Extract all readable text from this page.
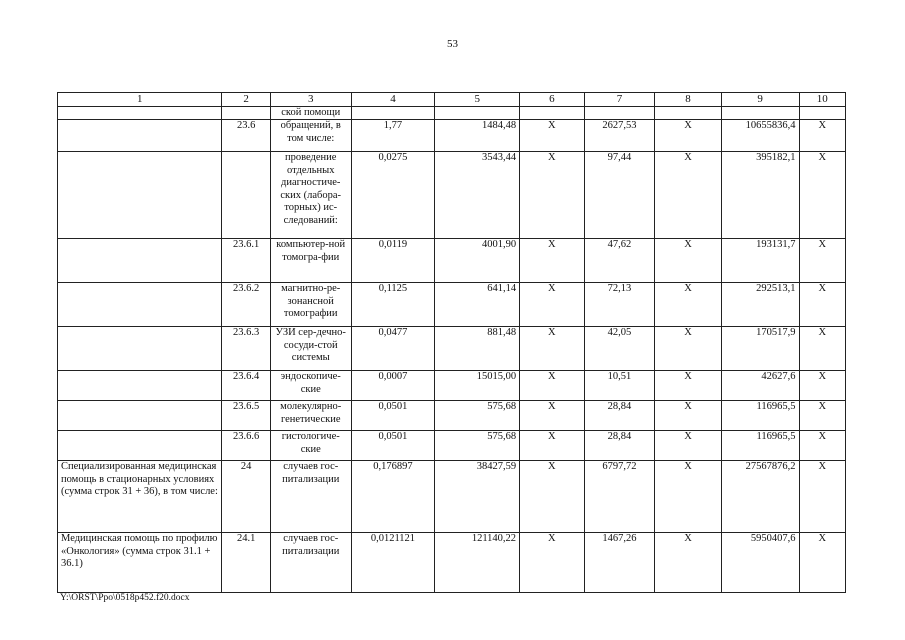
53
1	2	3	4	5	6	7	8	9	10
		ской помощи							
	23.6	обращений, в том числе:	1,77	1484,48	X	2627,53	X	10655836,4	X
		проведение отдельных диагностиче-ских (лабора-торных) ис-следований:	0,0275	3543,44	X	97,44	X	395182,1	X
	23.6.1	компьютер-ной томогра-фии	0,0119	4001,90	X	47,62	X	193131,7	X
	23.6.2	магнитно-ре-зонансной томографии	0,1125	641,14	X	72,13	X	292513,1	X
	23.6.3	УЗИ сер-дечно-сосуди-стой системы	0,0477	881,48	X	42,05	X	170517,9	X
	23.6.4	эндоскопиче-ские	0,0007	15015,00	X	10,51	X	42627,6	X
	23.6.5	молекулярно-генетические	0,0501	575,68	X	28,84	X	116965,5	X
	23.6.6	гистологиче-ские	0,0501	575,68	X	28,84	X	116965,5	X
Специализированная медицинская помощь в стационарных условиях (сумма строк 31 + 36), в том числе:	24	случаев гос-питализации	0,176897	38427,59	X	6797,72	X	27567876,2	X
Медицинская помощь по профилю «Онкология» (сумма строк 31.1 + 36.1)	24.1	случаев гос-питализации	0,0121121	121140,22	X	1467,26	X	5950407,6	X
Y:\ORST\Ppo\0518p452.f20.docx
